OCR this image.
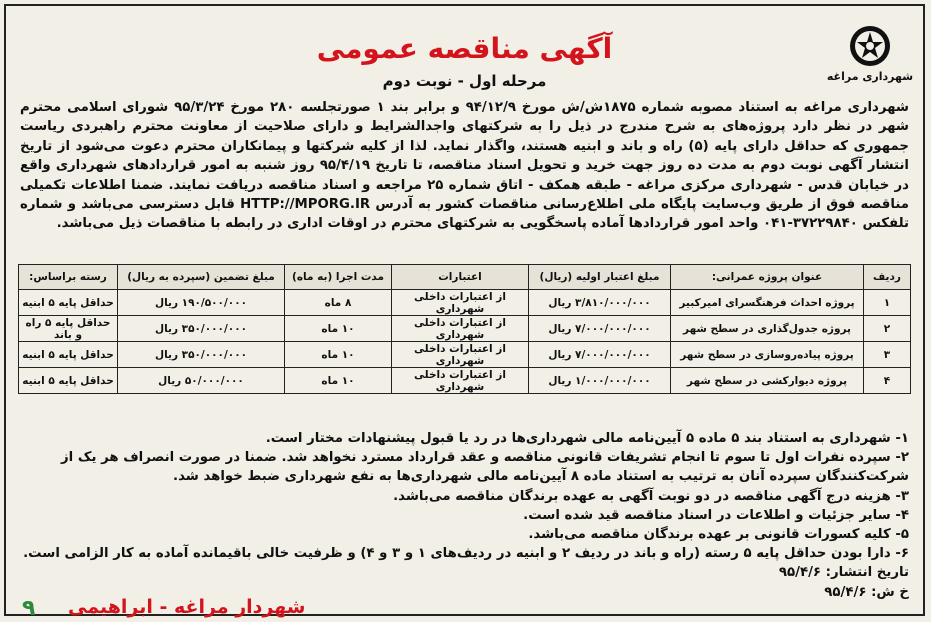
شهرداری مراغه
آگهی مناقصه عمومی
مرحله اول - نوبت دوم
شهرداری مراغه به استناد مصوبه شماره ۱۸۷۵ش/ش مورخ ۹۴/۱۲/۹ و برابر بند ۱ صورتجلسه ۲۸۰ مورخ ۹۵/۳/۲۴ شورای اسلامی محترم شهر در نظر دارد پروژه‌های به شرح مندرج در ذیل را به شرکتهای واجدالشرایط و دارای صلاحیت از معاونت محترم راهبردی ریاست جمهوری که حداقل دارای پایه (۵) راه و باند و ابنیه هستند، واگذار نماید. لذا از کلیه شرکتها و پیمانکاران محترم دعوت می‌شود از تاریخ انتشار آگهی نوبت دوم به مدت ده روز جهت خرید و تحویل اسناد مناقصه، تا تاریخ ۹۵/۴/۱۹ روز شنبه به امور قراردادهای شهرداری واقع در خیابان قدس - شهرداری مرکزی مراغه - طبقه همکف - اتاق شماره ۲۵ مراجعه و اسناد مناقصه دریافت نمایند. ضمنا اطلاعات تکمیلی مناقصه فوق از طریق وب‌سایت پایگاه ملی اطلاع‌رسانی مناقصات کشور به آدرس HTTP://MPORG.IR قابل دسترسی می‌باشد و شماره تلفکس ۳۷۲۲۹۸۴۰-۰۴۱ واحد امور قراردادها آماده پاسخگویی به شرکتهای محترم در اوقات اداری در رابطه با مناقصات ذیل می‌باشد.
ردیف	عنوان پروژه عمرانی:	مبلغ اعتبار اولیه (ریال)	اعتبارات	مدت اجرا (به ماه)	مبلغ تضمین (سپرده به ریال)	رسته براساس:
۱	پروژه احداث فرهنگسرای امیرکبیر	۳/۸۱۰/۰۰۰/۰۰۰ ریال	از اعتبارات داخلی شهرداری	۸ ماه	۱۹۰/۵۰۰/۰۰۰ ریال	حداقل پایه ۵ ابنیه
۲	پروژه جدول‌گذاری در سطح شهر	۷/۰۰۰/۰۰۰/۰۰۰ ریال	از اعتبارات داخلی شهرداری	۱۰ ماه	۳۵۰/۰۰۰/۰۰۰ ریال	حداقل پایه ۵ راه و باند
۳	پروژه پیاده‌روسازی در سطح شهر	۷/۰۰۰/۰۰۰/۰۰۰ ریال	از اعتبارات داخلی شهرداری	۱۰ ماه	۳۵۰/۰۰۰/۰۰۰ ریال	حداقل پایه ۵ ابنیه
۴	پروژه دیوارکشی در سطح شهر	۱/۰۰۰/۰۰۰/۰۰۰ ریال	از اعتبارات داخلی شهرداری	۱۰ ماه	۵۰/۰۰۰/۰۰۰ ریال	حداقل پایه ۵ ابنیه
۱- شهرداری به استناد بند ۵ ماده ۵ آیین‌نامه مالی شهرداری‌ها در رد یا قبول پیشنهادات مختار است.
۲- سپرده نفرات اول تا سوم تا انجام تشریفات قانونی مناقصه و عقد قرارداد مسترد نخواهد شد. ضمنا در صورت انصراف هر یک از شرکت‌کنندگان سپرده آنان به ترتیب به استناد ماده ۸ آیین‌نامه مالی شهرداری‌ها به نفع شهرداری ضبط خواهد شد.
۳- هزینه درج آگهی مناقصه در دو نوبت آگهی به عهده برندگان مناقصه می‌باشد.
۴- سایر جزئیات و اطلاعات در اسناد مناقصه قید شده است.
۵- کلیه کسورات قانونی بر عهده برندگان مناقصه می‌باشد.
۶- دارا بودن حداقل پایه ۵ رسته (راه و باند در ردیف ۲ و ابنیه در ردیف‌های ۱ و ۳ و ۴) و ظرفیت خالی باقیمانده آماده به کار الزامی است.
تاریخ انتشار: ۹۵/۴/۶
خ ش: ۹۵/۴/۶
شهردار مراغه - ابراهیمی
٩
